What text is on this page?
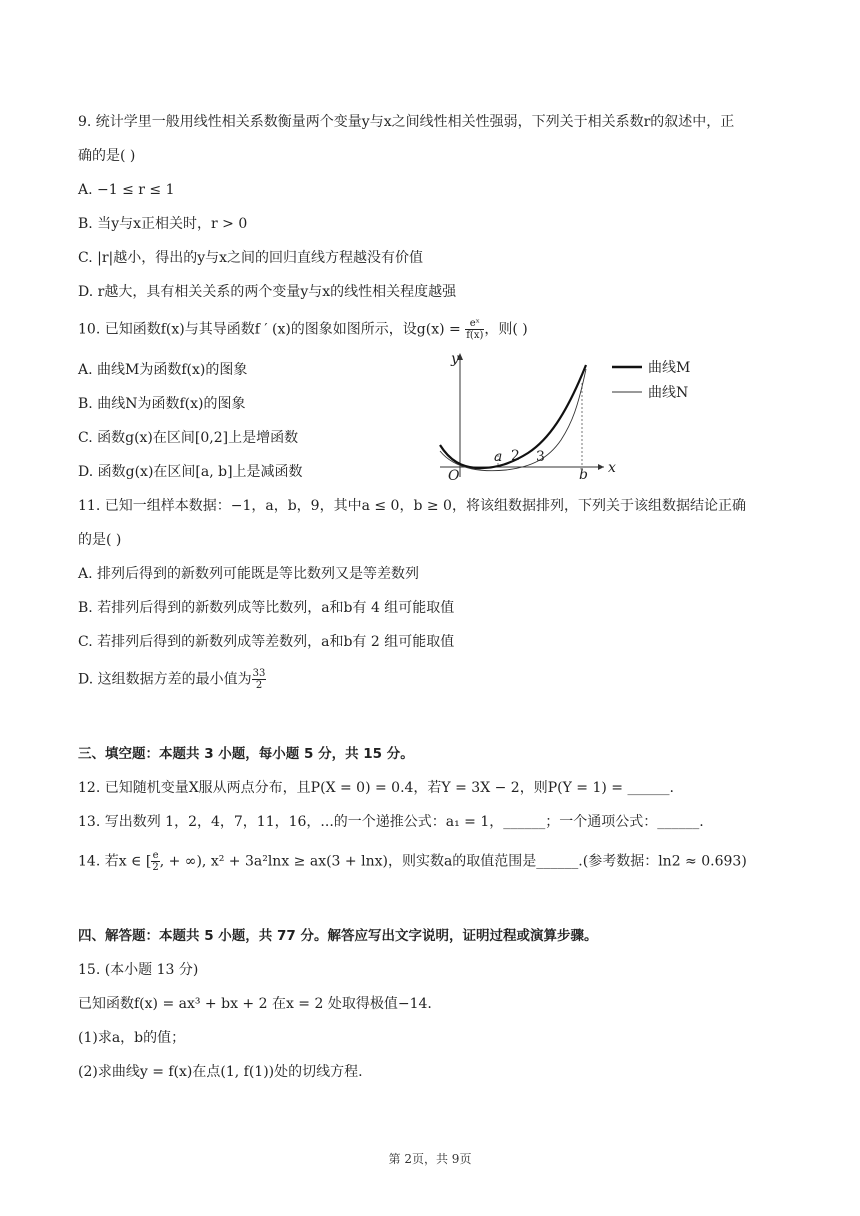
9. 统计学里一般用线性相关系数衡量两个变量y与x之间线性相关性强弱，下列关于相关系数r的叙述中，正
确的是( )
A. −1 ≤ r ≤ 1
B. 当y与x正相关时，r > 0
C. |r|越小，得出的y与x之间的回归直线方程越没有价值
D. r越大，具有相关关系的两个变量y与x的线性相关程度越强
10. 已知函数f(x)与其导函数f ′ (x)的图象如图所示，设$g(x) = \frac{\text{eˣ}}{f(x)}$ ，则( )
A. 曲线M为函数f(x)的图象
B. 曲线N为函数f(x)的图象
C. 函数g(x)在区间[0,2]上是增函数
D. 函数g(x)在区间[a, b]上是减函数
y
x
O
a 2 3
b
曲线M
曲线N
11. 已知一组样本数据：−1，a，b，9，其中a ≤ 0，b ≥ 0，将该组数据排列，下列关于该组数据结论正确
的是( )
A. 排列后得到的新数列可能既是等比数列又是等差数列
B. 若排列后得到的新数列成等比数列，a和b有 4 组可能取值
C. 若排列后得到的新数列成等差数列，a和b有 2 组可能取值
D. 这组数据方差的最小值为 $\frac{33}{2}$
三、填空题：本题共 3 小题，每小题 5 分，共 15 分。
12. 已知随机变量X服从两点分布，且P(X = 0) = 0.4，若Y = 3X − 2，则P(Y = 1) = ______.
13. 写出数列 1，2，4，7，11，16，...的一个递推公式：a₁ = 1，______；一个通项公式：______.
14. 若x ∈ [ $\frac{e}{2}$ , + ∞), x² + 3a²lnx ≥ ax(3 + lnx)，则实数a的取值范围是______.(参考数据：ln2 ≈ 0.693)
四、解答题：本题共 5 小题，共 77 分。解答应写出文字说明，证明过程或演算步骤。
15. (本小题 13 分)
已知函数f(x) = ax³ + bx + 2 在x = 2 处取得极值−14.
(1)求a，b的值；
(2)求曲线y = f(x)在点(1, f(1))处的切线方程.
第 2页，共 9页
